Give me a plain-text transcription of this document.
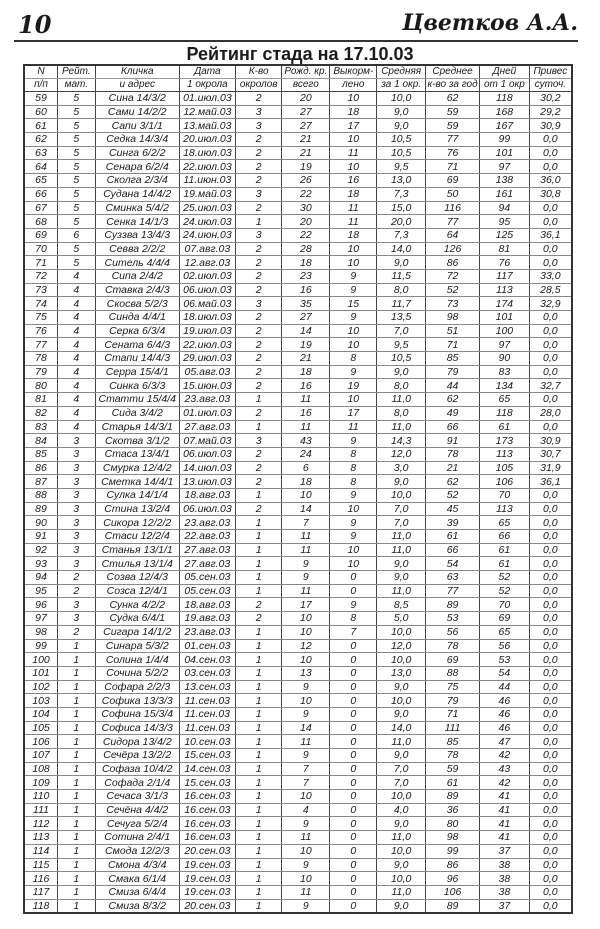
10	Цветков А.А.
Рейтинг стада на 17.10.03
N	Рейт.	Кличка	Дата	К-во	Рожд. кр.	Выкорм-	Средняя	Среднее	Дней	Привес
п/п	мат.	и адрес	1 окрола	окролов	всего	лено	за 1 окр.	к-во за год	от 1 окр	суточ.
59	5	Сина 14/3/2	01.июл.03	2	20	10	10,0	62	118	30,2
60	5	Сами 14/2/2	12.май.03	3	27	18	9,0	59	168	29,2
61	5	Сапи 3/1/1	13.май.03	3	27	17	9,0	59	167	30,9
62	5	Седка 14/3/4	20.июл.03	2	21	10	10,5	77	99	0,0
63	5	Синга 6/2/2	18.июл.03	2	21	11	10,5	76	101	0,0
64	5	Сенара 6/2/4	22.июл.03	2	19	10	9,5	71	97	0,0
65	5	Сколга 2/3/4	11.июн.03	2	26	16	13,0	69	138	36,0
66	5	Судана 14/4/2	19.май.03	3	22	18	7,3	50	161	30,8
67	5	Сминка 5/4/2	25.июл.03	2	30	11	15,0	116	94	0,0
68	5	Сенка 14/1/3	24.июл.03	1	20	11	20,0	77	95	0,0
69	6	Суззва 13/4/3	24.июн.03	3	22	18	7,3	64	125	36,1
70	5	Севва 2/2/2	07.авг.03	2	28	10	14,0	126	81	0,0
71	5	Ситель 4/4/4	12.авг.03	2	18	10	9,0	86	76	0,0
72	4	Сипа 2/4/2	02.июл.03	2	23	9	11,5	72	117	33,0
73	4	Ставка 2/4/3	06.июл.03	2	16	9	8,0	52	113	28,5
74	4	Скосва 5/2/3	06.май.03	3	35	15	11,7	73	174	32,9
75	4	Синда 4/4/1	18.июл.03	2	27	9	13,5	98	101	0,0
76	4	Серка 6/3/4	19.июл.03	2	14	10	7,0	51	100	0,0
77	4	Сената 6/4/3	22.июл.03	2	19	10	9,5	71	97	0,0
78	4	Стапи 14/4/3	29.июл.03	2	21	8	10,5	85	90	0,0
79	4	Серра 15/4/1	05.авг.03	2	18	9	9,0	79	83	0,0
80	4	Синка 6/3/3	15.июн.03	2	16	19	8,0	44	134	32,7
81	4	Статти 15/4/4	23.авг.03	1	11	10	11,0	62	65	0,0
82	4	Сида 3/4/2	01.июл.03	2	16	17	8,0	49	118	28,0
83	4	Старья 14/3/1	27.авг.03	1	11	11	11,0	66	61	0,0
84	3	Скотва 3/1/2	07.май.03	3	43	9	14,3	91	173	30,9
85	3	Стаса 13/4/1	06.июл.03	2	24	8	12,0	78	113	30,7
86	3	Смурка 12/4/2	14.июл.03	2	6	8	3,0	21	105	31,9
87	3	Сметка 14/4/1	13.июл.03	2	18	8	9,0	62	106	36,1
88	3	Сулка 14/1/4	18.авг.03	1	10	9	10,0	52	70	0,0
89	3	Стина 13/2/4	06.июл.03	2	14	10	7,0	45	113	0,0
90	3	Сикора 12/2/2	23.авг.03	1	7	9	7,0	39	65	0,0
91	3	Стаси 12/2/4	22.авг.03	1	11	9	11,0	61	66	0,0
92	3	Станья 13/1/1	27.авг.03	1	11	10	11,0	66	61	0,0
93	3	Стилья 13/1/4	27.авг.03	1	9	10	9,0	54	61	0,0
94	2	Созва 12/4/3	05.сен.03	1	9	0	9,0	63	52	0,0
95	2	Созса 12/4/1	05.сен.03	1	11	0	11,0	77	52	0,0
96	3	Сунка 4/2/2	18.авг.03	2	17	9	8,5	89	70	0,0
97	3	Судка 6/4/1	19.авг.03	2	10	8	5,0	53	69	0,0
98	2	Сигара 14/1/2	23.авг.03	1	10	7	10,0	56	65	0,0
99	1	Синара 5/3/2	01.сен.03	1	12	0	12,0	78	56	0,0
100	1	Солина 1/4/4	04.сен.03	1	10	0	10,0	69	53	0,0
101	1	Сочина 5/2/2	03.сен.03	1	13	0	13,0	88	54	0,0
102	1	Софара 2/2/3	13.сен.03	1	9	0	9,0	75	44	0,0
103	1	Софика 13/3/3	11.сен.03	1	10	0	10,0	79	46	0,0
104	1	Софина 15/3/4	11.сен.03	1	9	0	9,0	71	46	0,0
105	1	Софиса 14/3/3	11.сен.03	1	14	0	14,0	111	46	0,0
106	1	Сидора 13/4/2	10.сен.03	1	11	0	11,0	85	47	0,0
107	1	Сечёра 13/2/2	15.сен.03	1	9	0	9,0	78	42	0,0
108	1	Софаза 10/4/2	14.сен.03	1	7	0	7,0	59	43	0,0
109	1	Софада 2/1/4	15.сен.03	1	7	0	7,0	61	42	0,0
110	1	Сечаса 3/1/3	16.сен.03	1	10	0	10,0	89	41	0,0
111	1	Сечёна 4/4/2	16.сен.03	1	4	0	4,0	36	41	0,0
112	1	Сечуга 5/2/4	16.сен.03	1	9	0	9,0	80	41	0,0
113	1	Сотина 2/4/1	16.сен.03	1	11	0	11,0	98	41	0,0
114	1	Смода 12/2/3	20.сен.03	1	10	0	10,0	99	37	0,0
115	1	Смона 4/3/4	19.сен.03	1	9	0	9,0	86	38	0,0
116	1	Смака 6/1/4	19.сен.03	1	10	0	10,0	96	38	0,0
117	1	Смиза 6/4/4	19.сен.03	1	11	0	11,0	106	38	0,0
118	1	Смиза 8/3/2	20.сен.03	1	9	0	9,0	89	37	0,0
